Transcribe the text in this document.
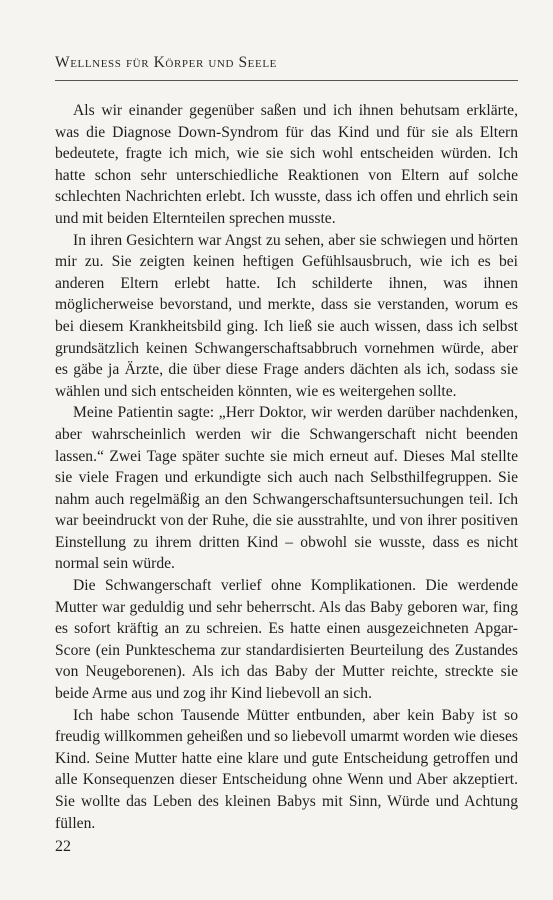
Wellness für Körper und Seele

Als wir einander gegenüber saßen und ich ihnen behutsam erklärte, was die Diagnose Down-Syndrom für das Kind und für sie als Eltern bedeutete, fragte ich mich, wie sie sich wohl entscheiden würden. Ich hatte schon sehr unterschiedliche Reaktionen von Eltern auf solche schlechten Nachrichten erlebt. Ich wusste, dass ich offen und ehrlich sein und mit beiden Elternteilen sprechen musste.

In ihren Gesichtern war Angst zu sehen, aber sie schwiegen und hörten mir zu. Sie zeigten keinen heftigen Gefühlsausbruch, wie ich es bei anderen Eltern erlebt hatte. Ich schilderte ihnen, was ihnen möglicherweise bevorstand, und merkte, dass sie verstanden, worum es bei diesem Krankheitsbild ging. Ich ließ sie auch wissen, dass ich selbst grundsätzlich keinen Schwangerschaftsabbruch vornehmen würde, aber es gäbe ja Ärzte, die über diese Frage anders dächten als ich, sodass sie wählen und sich entscheiden könnten, wie es weitergehen sollte.

Meine Patientin sagte: „Herr Doktor, wir werden darüber nachdenken, aber wahrscheinlich werden wir die Schwangerschaft nicht beenden lassen.“ Zwei Tage später suchte sie mich erneut auf. Dieses Mal stellte sie viele Fragen und erkundigte sich auch nach Selbsthilfegruppen. Sie nahm auch regelmäßig an den Schwangerschaftsuntersuchungen teil. Ich war beeindruckt von der Ruhe, die sie ausstrahlte, und von ihrer positiven Einstellung zu ihrem dritten Kind – obwohl sie wusste, dass es nicht normal sein würde.

Die Schwangerschaft verlief ohne Komplikationen. Die werdende Mutter war geduldig und sehr beherrscht. Als das Baby geboren war, fing es sofort kräftig an zu schreien. Es hatte einen ausgezeichneten Apgar-Score (ein Punkteschema zur standardisierten Beurteilung des Zustandes von Neugeborenen). Als ich das Baby der Mutter reichte, streckte sie beide Arme aus und zog ihr Kind liebevoll an sich.

Ich habe schon Tausende Mütter entbunden, aber kein Baby ist so freudig willkommen geheißen und so liebevoll umarmt worden wie dieses Kind. Seine Mutter hatte eine klare und gute Entscheidung getroffen und alle Konsequenzen dieser Entscheidung ohne Wenn und Aber akzeptiert. Sie wollte das Leben des kleinen Babys mit Sinn, Würde und Achtung füllen.

22
